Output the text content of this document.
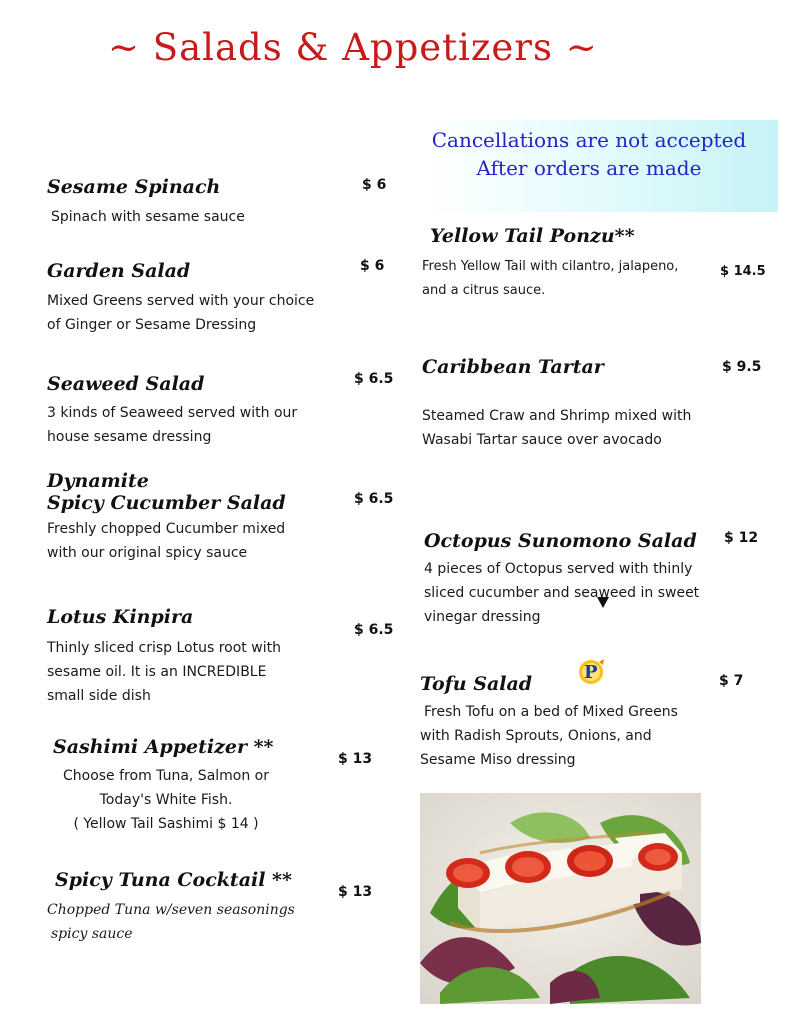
~ Salads & Appetizers ~
Cancellations are not accepted
After orders are made
Sesame Spinach	$ 6
Spinach with sesame sauce
Garden Salad	$ 6
Mixed Greens served with your choice
of Ginger or Sesame Dressing
Seaweed Salad	$ 6.5
3 kinds of Seaweed served with our
house sesame dressing
Dynamite
Spicy Cucumber Salad	$ 6.5
Freshly chopped Cucumber mixed
with our original spicy sauce
Lotus Kinpira
$ 6.5
Thinly sliced crisp Lotus root with
sesame oil. It is an INCREDIBLE
small side dish
Sashimi Appetizer **
$ 13
Choose from Tuna, Salmon or
Today's White Fish.
( Yellow Tail Sashimi $ 14 )
Spicy Tuna Cocktail **
$ 13
Chopped Tuna w/seven seasonings
spicy sauce
Yellow Tail Ponzu**
$ 14.5
Fresh Yellow Tail with cilantro, jalapeno,
and a citrus sauce.
Caribbean Tartar	$ 9.5
Steamed Craw and Shrimp mixed with
Wasabi Tartar sauce over avocado
Octopus Sunomono Salad $ 12
4 pieces of Octopus served with thinly
sliced cucumber and seaweed in sweet
vinegar dressing
Tofu Salad	$ 7
Fresh Tofu on a bed of Mixed Greens
with Radish Sprouts, Onions, and
Sesame Miso dressing
P
